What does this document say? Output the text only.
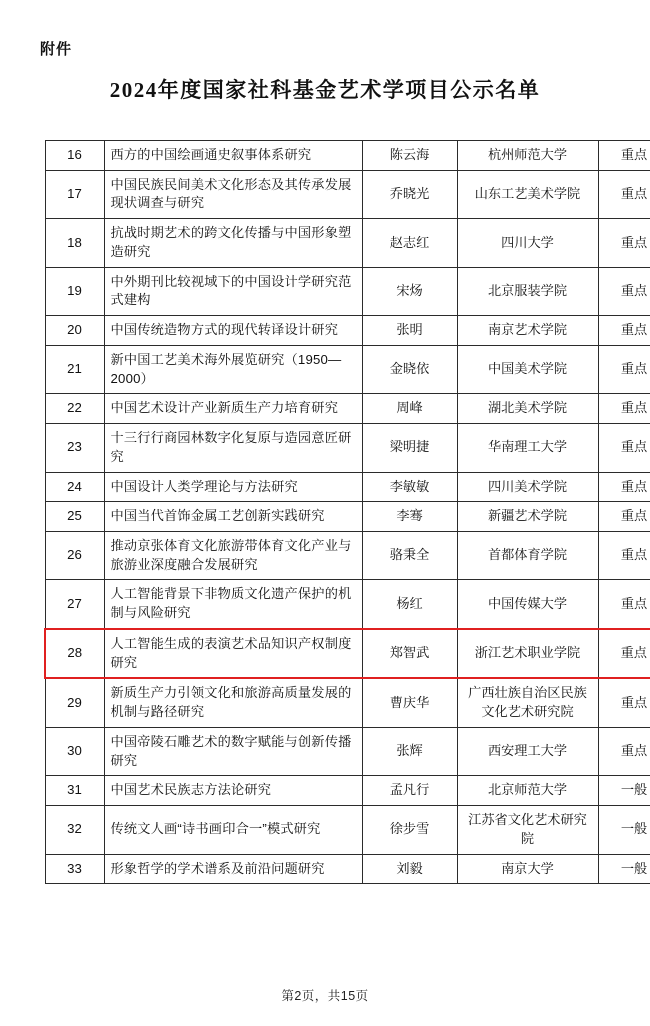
附件
2024年度国家社科基金艺术学项目公示名单
16	西方的中国绘画通史叙事体系研究	陈云海	杭州师范大学	重点
17	中国民族民间美术文化形态及其传承发展现状调查与研究	乔晓光	山东工艺美术学院	重点
18	抗战时期艺术的跨文化传播与中国形象塑造研究	赵志红	四川大学	重点
19	中外期刊比较视域下的中国设计学研究范式建构	宋炀	北京服装学院	重点
20	中国传统造物方式的现代转译设计研究	张明	南京艺术学院	重点
21	新中国工艺美术海外展览研究（1950—2000）	金晓依	中国美术学院	重点
22	中国艺术设计产业新质生产力培育研究	周峰	湖北美术学院	重点
23	十三行行商园林数字化复原与造园意匠研究	梁明捷	华南理工大学	重点
24	中国设计人类学理论与方法研究	李敏敏	四川美术学院	重点
25	中国当代首饰金属工艺创新实践研究	李骞	新疆艺术学院	重点
26	推动京张体育文化旅游带体育文化产业与旅游业深度融合发展研究	骆秉全	首都体育学院	重点
27	人工智能背景下非物质文化遗产保护的机制与风险研究	杨红	中国传媒大学	重点
28	人工智能生成的表演艺术品知识产权制度研究	郑智武	浙江艺术职业学院	重点
29	新质生产力引领文化和旅游高质量发展的机制与路径研究	曹庆华	广西壮族自治区民族文化艺术研究院	重点
30	中国帝陵石雕艺术的数字赋能与创新传播研究	张辉	西安理工大学	重点
31	中国艺术民族志方法论研究	孟凡行	北京师范大学	一般
32	传统文人画“诗书画印合一”模式研究	徐步雪	江苏省文化艺术研究院	一般
33	形象哲学的学术谱系及前沿问题研究	刘毅	南京大学	一般
第2页，共15页
